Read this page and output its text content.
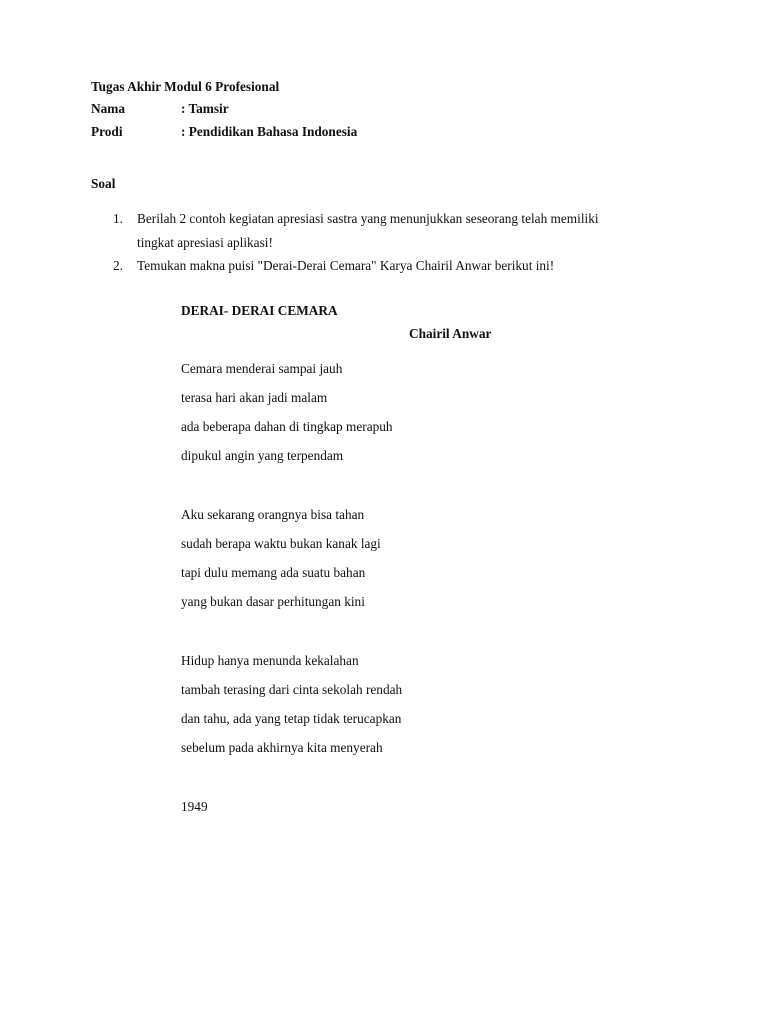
Tugas Akhir Modul 6 Profesional
Nama	: Tamsir
Prodi	: Pendidikan Bahasa Indonesia
Soal
1. Berilah 2 contoh kegiatan apresiasi sastra yang menunjukkan seseorang telah memiliki
tingkat apresiasi aplikasi!
2. Temukan makna puisi "Derai-Derai Cemara" Karya Chairil Anwar berikut ini!
DERAI- DERAI CEMARA
Chairil Anwar
Cemara menderai sampai jauh
terasa hari akan jadi malam
ada beberapa dahan di tingkap merapuh
dipukul angin yang terpendam
Aku sekarang orangnya bisa tahan
sudah berapa waktu bukan kanak lagi
tapi dulu memang ada suatu bahan
yang bukan dasar perhitungan kini
Hidup hanya menunda kekalahan
tambah terasing dari cinta sekolah rendah
dan tahu, ada yang tetap tidak terucapkan
sebelum pada akhirnya kita menyerah
1949
